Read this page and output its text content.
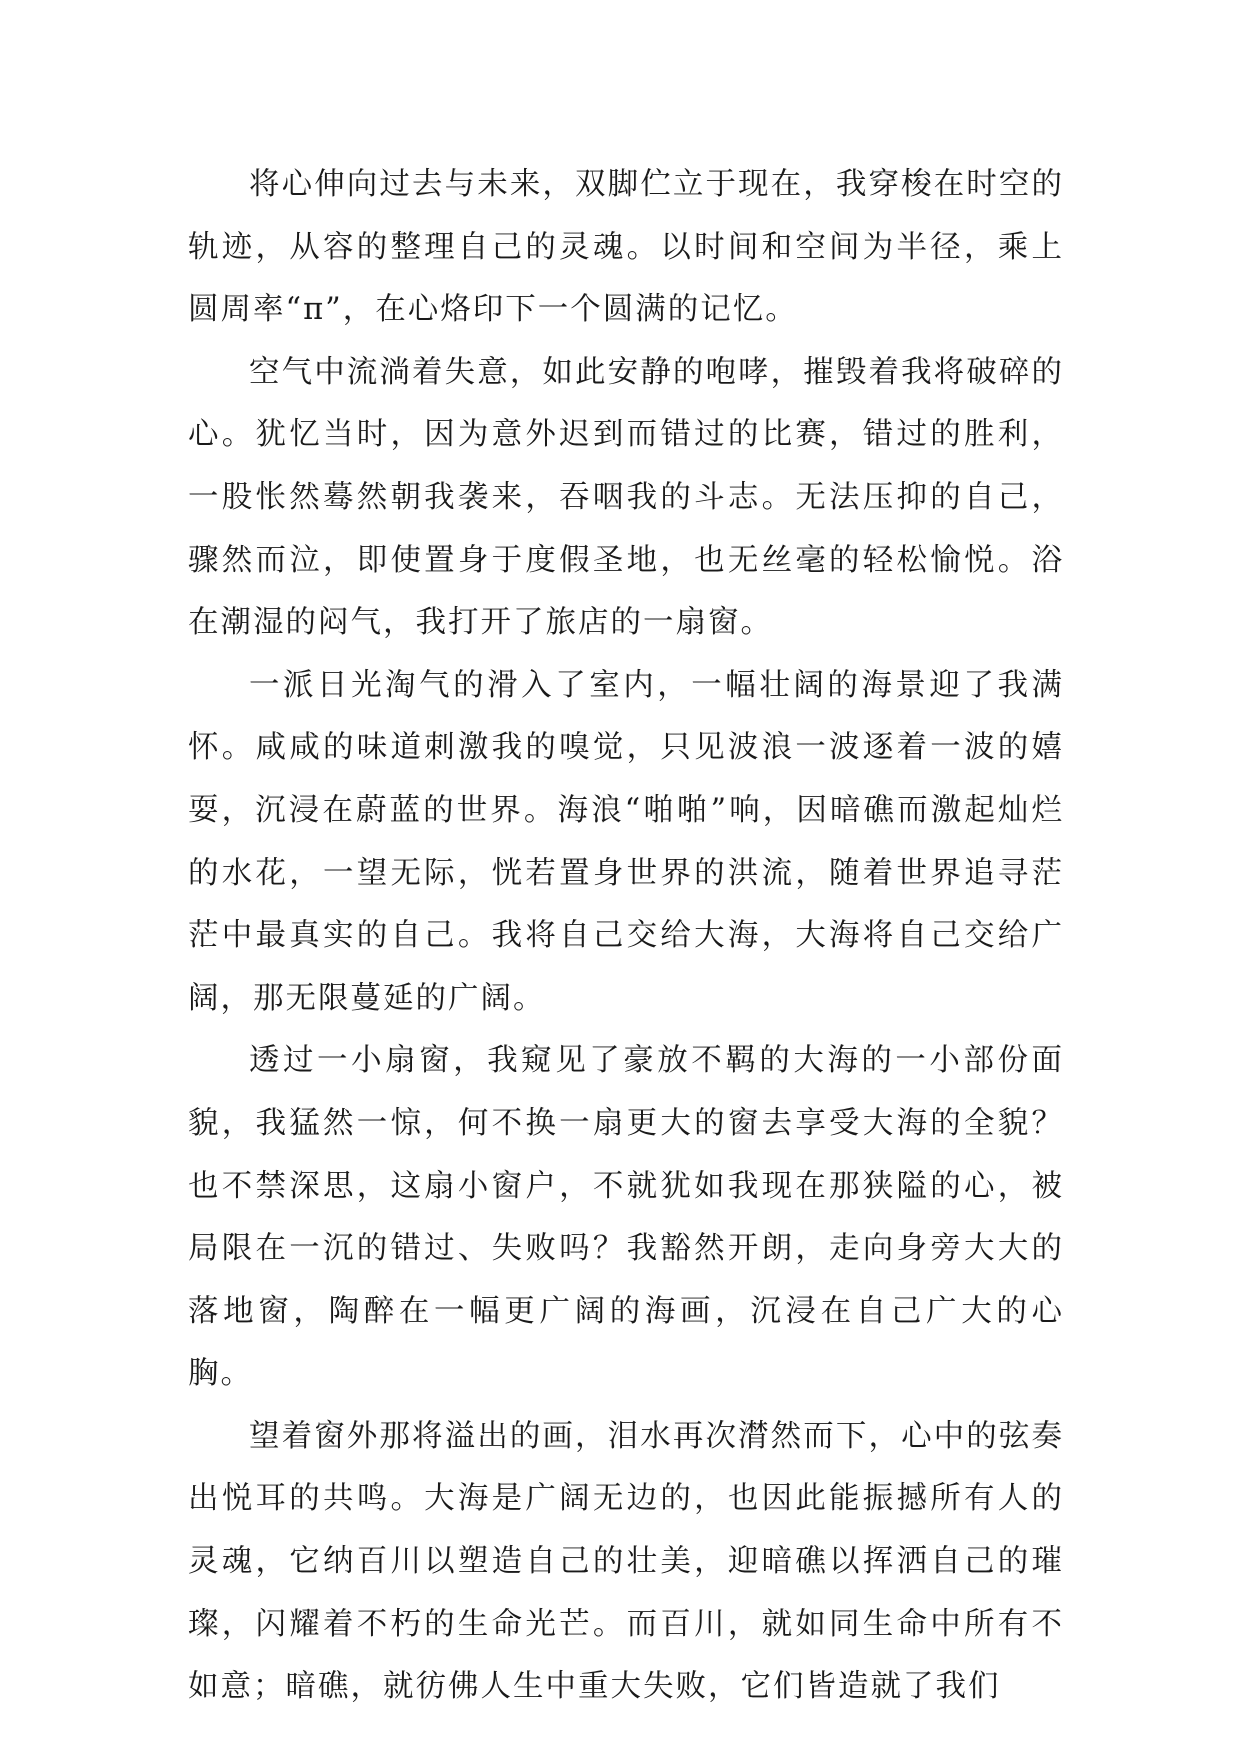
将心伸向过去与未来，双脚伫立于现在，我穿梭在时空的轨迹，从容的整理自己的灵魂。以时间和空间为半径，乘上圆周率“π”，在心烙印下一个圆满的记忆。

空气中流淌着失意，如此安静的咆哮，摧毁着我将破碎的心。犹忆当时，因为意外迟到而错过的比赛，错过的胜利，一股怅然蓦然朝我袭来，吞咽我的斗志。无法压抑的自己，骤然而泣，即使置身于度假圣地，也无丝毫的轻松愉悦。浴在潮湿的闷气，我打开了旅店的一扇窗。

一派日光淘气的滑入了室内，一幅壮阔的海景迎了我满怀。咸咸的味道刺激我的嗅觉，只见波浪一波逐着一波的嬉耍，沉浸在蔚蓝的世界。海浪“啪啪”响，因暗礁而激起灿烂的水花，一望无际，恍若置身世界的洪流，随着世界追寻茫茫中最真实的自己。我将自己交给大海，大海将自己交给广阔，那无限蔓延的广阔。

透过一小扇窗，我窥见了豪放不羁的大海的一小部份面貌，我猛然一惊，何不换一扇更大的窗去享受大海的全貌？也不禁深思，这扇小窗户，不就犹如我现在那狭隘的心，被局限在一沉的错过、失败吗？我豁然开朗，走向身旁大大的落地窗，陶醉在一幅更广阔的海画，沉浸在自己广大的心胸。

望着窗外那将溢出的画，泪水再次潸然而下，心中的弦奏出悦耳的共鸣。大海是广阔无边的，也因此能振撼所有人的灵魂，它纳百川以塑造自己的壮美，迎暗礁以挥洒自己的璀璨，闪耀着不朽的生命光芒。而百川，就如同生命中所有不如意；暗礁，就彷佛人生中重大失败，它们皆造就了我们
